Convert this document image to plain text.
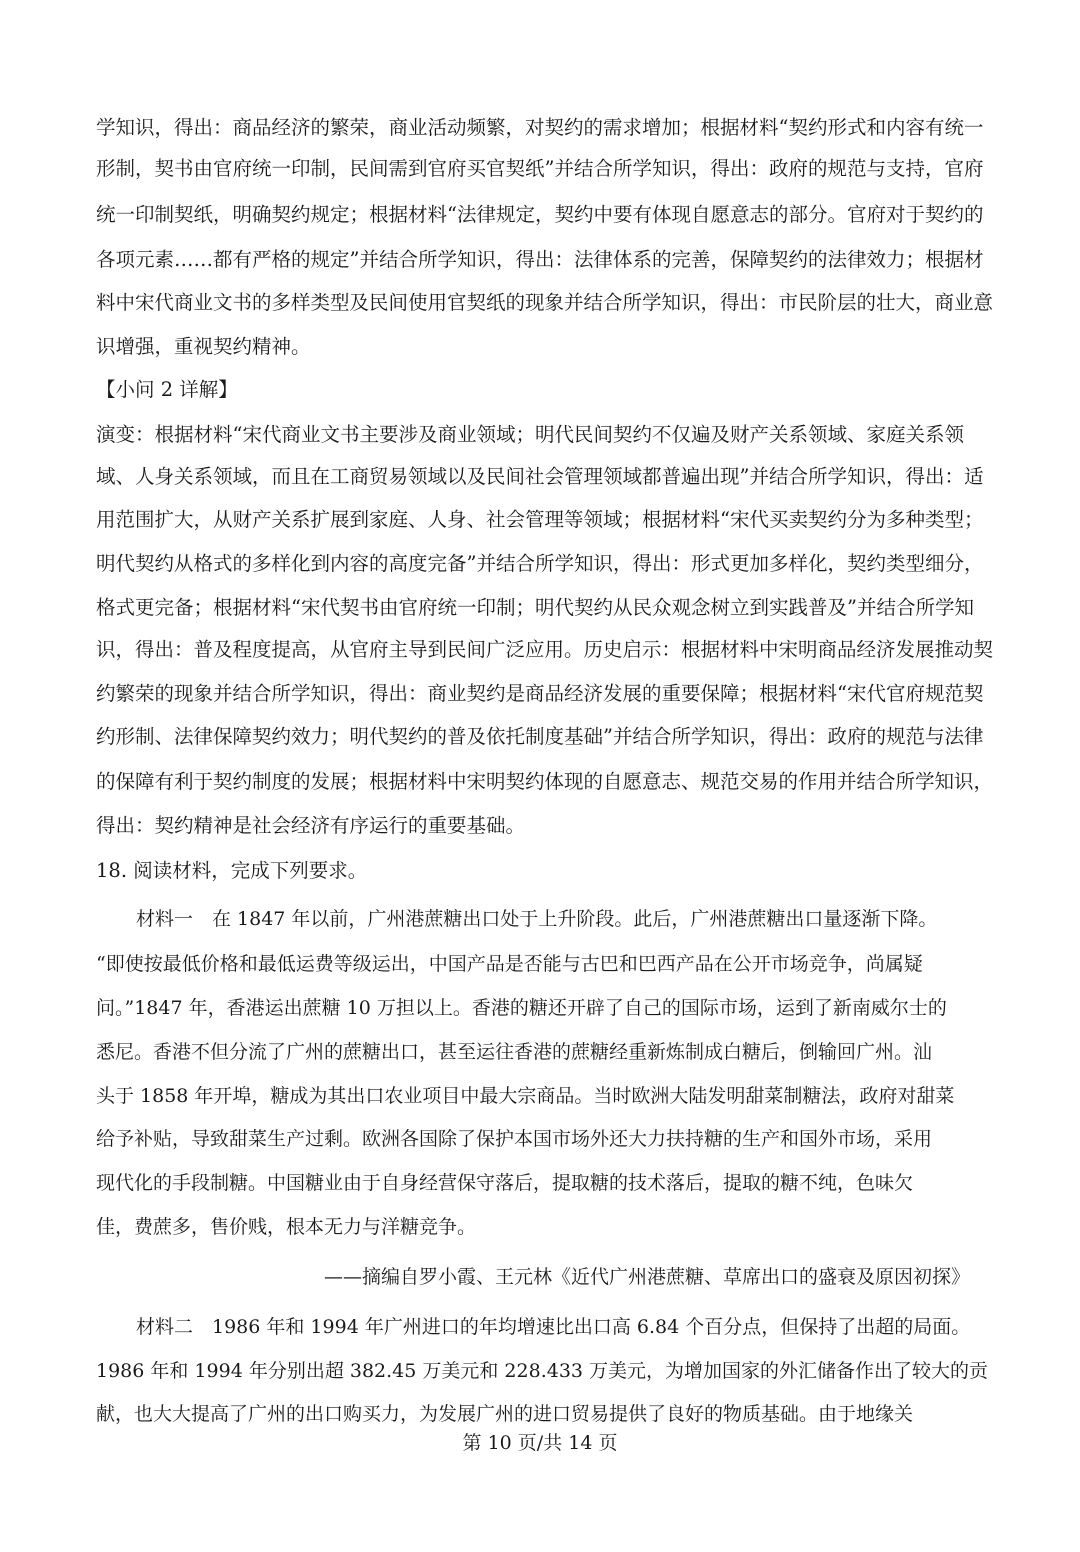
学知识，得出：商品经济的繁荣，商业活动频繁，对契约的需求增加；根据材料“契约形式和内容有统一
形制，契书由官府统一印制，民间需到官府买官契纸”并结合所学知识，得出：政府的规范与支持，官府
统一印制契纸，明确契约规定；根据材料“法律规定，契约中要有体现自愿意志的部分。官府对于契约的
各项元素……都有严格的规定”并结合所学知识，得出：法律体系的完善，保障契约的法律效力；根据材
料中宋代商业文书的多样类型及民间使用官契纸的现象并结合所学知识，得出：市民阶层的壮大，商业意
识增强，重视契约精神。
【小问 2 详解】
演变：根据材料“宋代商业文书主要涉及商业领域；明代民间契约不仅遍及财产关系领域、家庭关系领
域、人身关系领域，而且在工商贸易领域以及民间社会管理领域都普遍出现”并结合所学知识，得出：适
用范围扩大，从财产关系扩展到家庭、人身、社会管理等领域；根据材料“宋代买卖契约分为多种类型；
明代契约从格式的多样化到内容的高度完备”并结合所学知识，得出：形式更加多样化，契约类型细分，
格式更完备；根据材料“宋代契书由官府统一印制；明代契约从民众观念树立到实践普及”并结合所学知
识，得出：普及程度提高，从官府主导到民间广泛应用。历史启示：根据材料中宋明商品经济发展推动契
约繁荣的现象并结合所学知识，得出：商业契约是商品经济发展的重要保障；根据材料“宋代官府规范契
约形制、法律保障契约效力；明代契约的普及依托制度基础”并结合所学知识，得出：政府的规范与法律
的保障有利于契约制度的发展；根据材料中宋明契约体现的自愿意志、规范交易的作用并结合所学知识，
得出：契约精神是社会经济有序运行的重要基础。
18. 阅读材料，完成下列要求。
材料一　在 1847 年以前，广州港蔗糖出口处于上升阶段。此后，广州港蔗糖出口量逐渐下降。
“即使按最低价格和最低运费等级运出，中国产品是否能与古巴和巴西产品在公开市场竞争，尚属疑
问。”1847 年，香港运出蔗糖 10 万担以上。香港的糖还开辟了自己的国际市场，运到了新南威尔士的
悉尼。香港不但分流了广州的蔗糖出口，甚至运往香港的蔗糖经重新炼制成白糖后，倒输回广州。汕
头于 1858 年开埠，糖成为其出口农业项目中最大宗商品。当时欧洲大陆发明甜菜制糖法，政府对甜菜
给予补贴，导致甜菜生产过剩。欧洲各国除了保护本国市场外还大力扶持糖的生产和国外市场，采用
现代化的手段制糖。中国糖业由于自身经营保守落后，提取糖的技术落后，提取的糖不纯，色味欠
佳，费蔗多，售价贱，根本无力与洋糖竞争。
——摘编自罗小霞、王元林《近代广州港蔗糖、草席出口的盛衰及原因初探》
材料二　1986 年和 1994 年广州进口的年均增速比出口高 6.84 个百分点，但保持了出超的局面。
1986 年和 1994 年分别出超 382.45 万美元和 228.433 万美元，为增加国家的外汇储备作出了较大的贡
献，也大大提高了广州的出口购买力，为发展广州的进口贸易提供了良好的物质基础。由于地缘关
第 10 页/共 14 页
